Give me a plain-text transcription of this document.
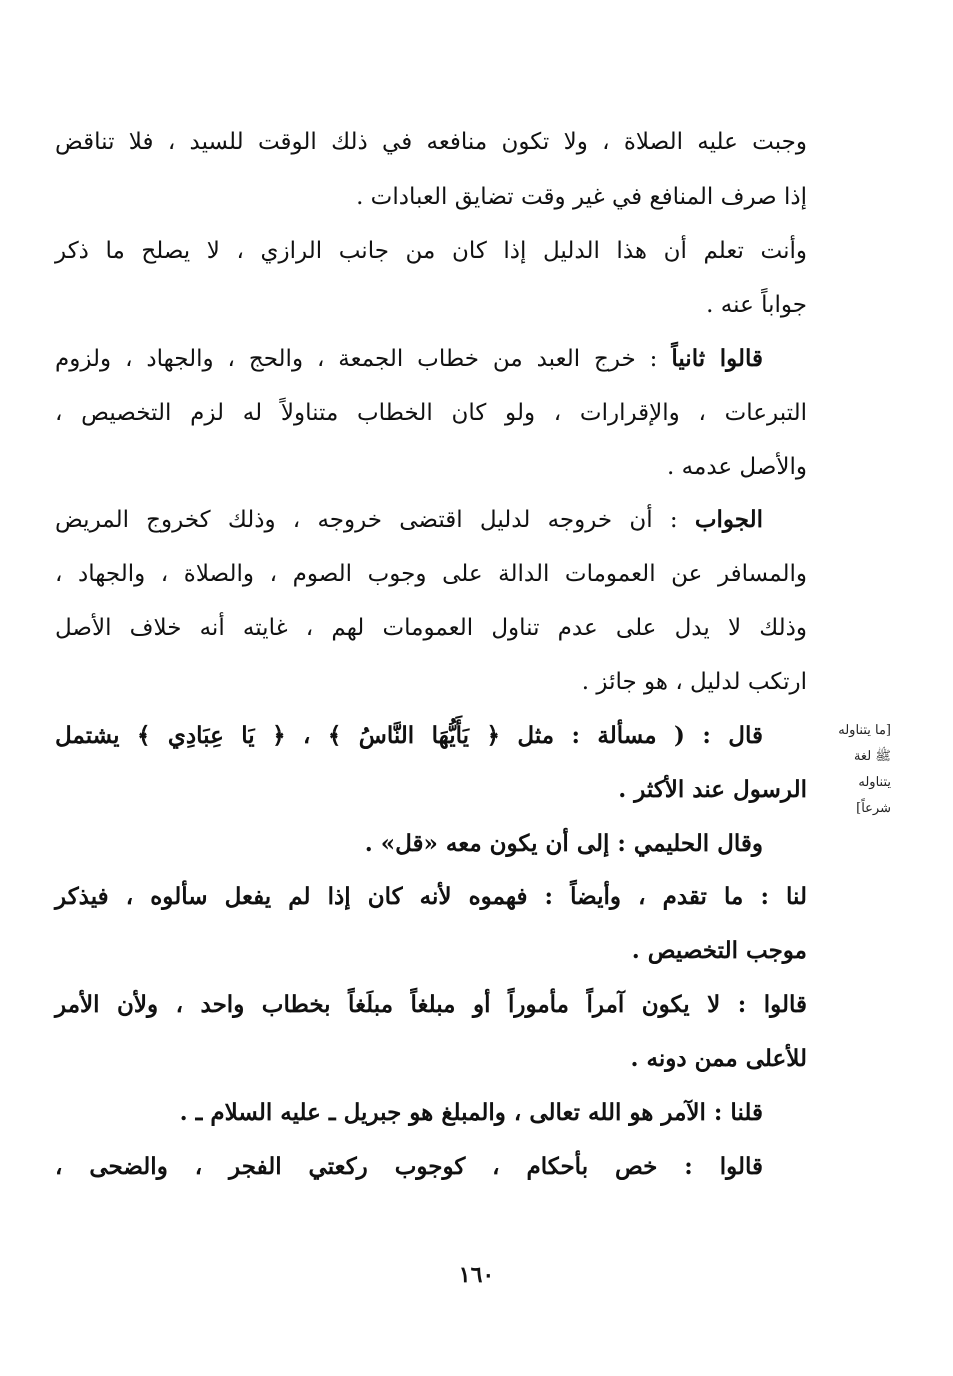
وجبت عليه الصلاة ، ولا تكون منافعه في ذلك الوقت للسيد ، فلا تناقض
إذا صرف المنافع في غير وقت تضايق العبادات .
وأنت تعلم أن هذا الدليل إذا كان من جانب الرازي ، لا يصلح ما ذكر
جواباً عنه .
قالوا ثانياً : خرج العبد من خطاب الجمعة ، والحج ، والجهاد ، ولزوم
التبرعات ، والإقرارات ، ولو كان الخطاب متناولاً له لزم التخصيص ،
والأصل عدمه .
الجواب : أن خروجه لدليل اقتضى خروجه ، وذلك كخروج المريض
والمسافر عن العمومات الدالة على وجوب الصوم ، والصلاة ، والجهاد ،
وذلك لا يدل على عدم تناول العمومات لهم ، غايته أنه خلاف الأصل
ارتكب لدليل ، هو جائز .
[ما يتناوله
ﷺ لغة
يتناوله
شرعاً]
قال : ( مسألة : مثل ﴿ يَأَيُّهَا النَّاسُ ﴾ ، ﴿ يَا عِبَادِي ﴾ يشتمل
الرسول عند الأكثر .
وقال الحليمي : إلى أن يكون معه «قل» .
لنا : ما تقدم ، وأيضاً : فهموه لأنه كان إذا لم يفعل سألوه ، فيذكر
موجب التخصيص .
قالوا : لا يكون آمراً مأموراً أو مبلغاً مبلَغاً بخطاب واحد ، ولأن الأمر
للأعلى ممن دونه .
قلنا : الآمر هو الله تعالى ، والمبلغ هو جبريل ـ عليه السلام ـ .
قالوا : خص بأحكام ، كوجوب ركعتي الفجر ، والضحى ،
١٦٠
